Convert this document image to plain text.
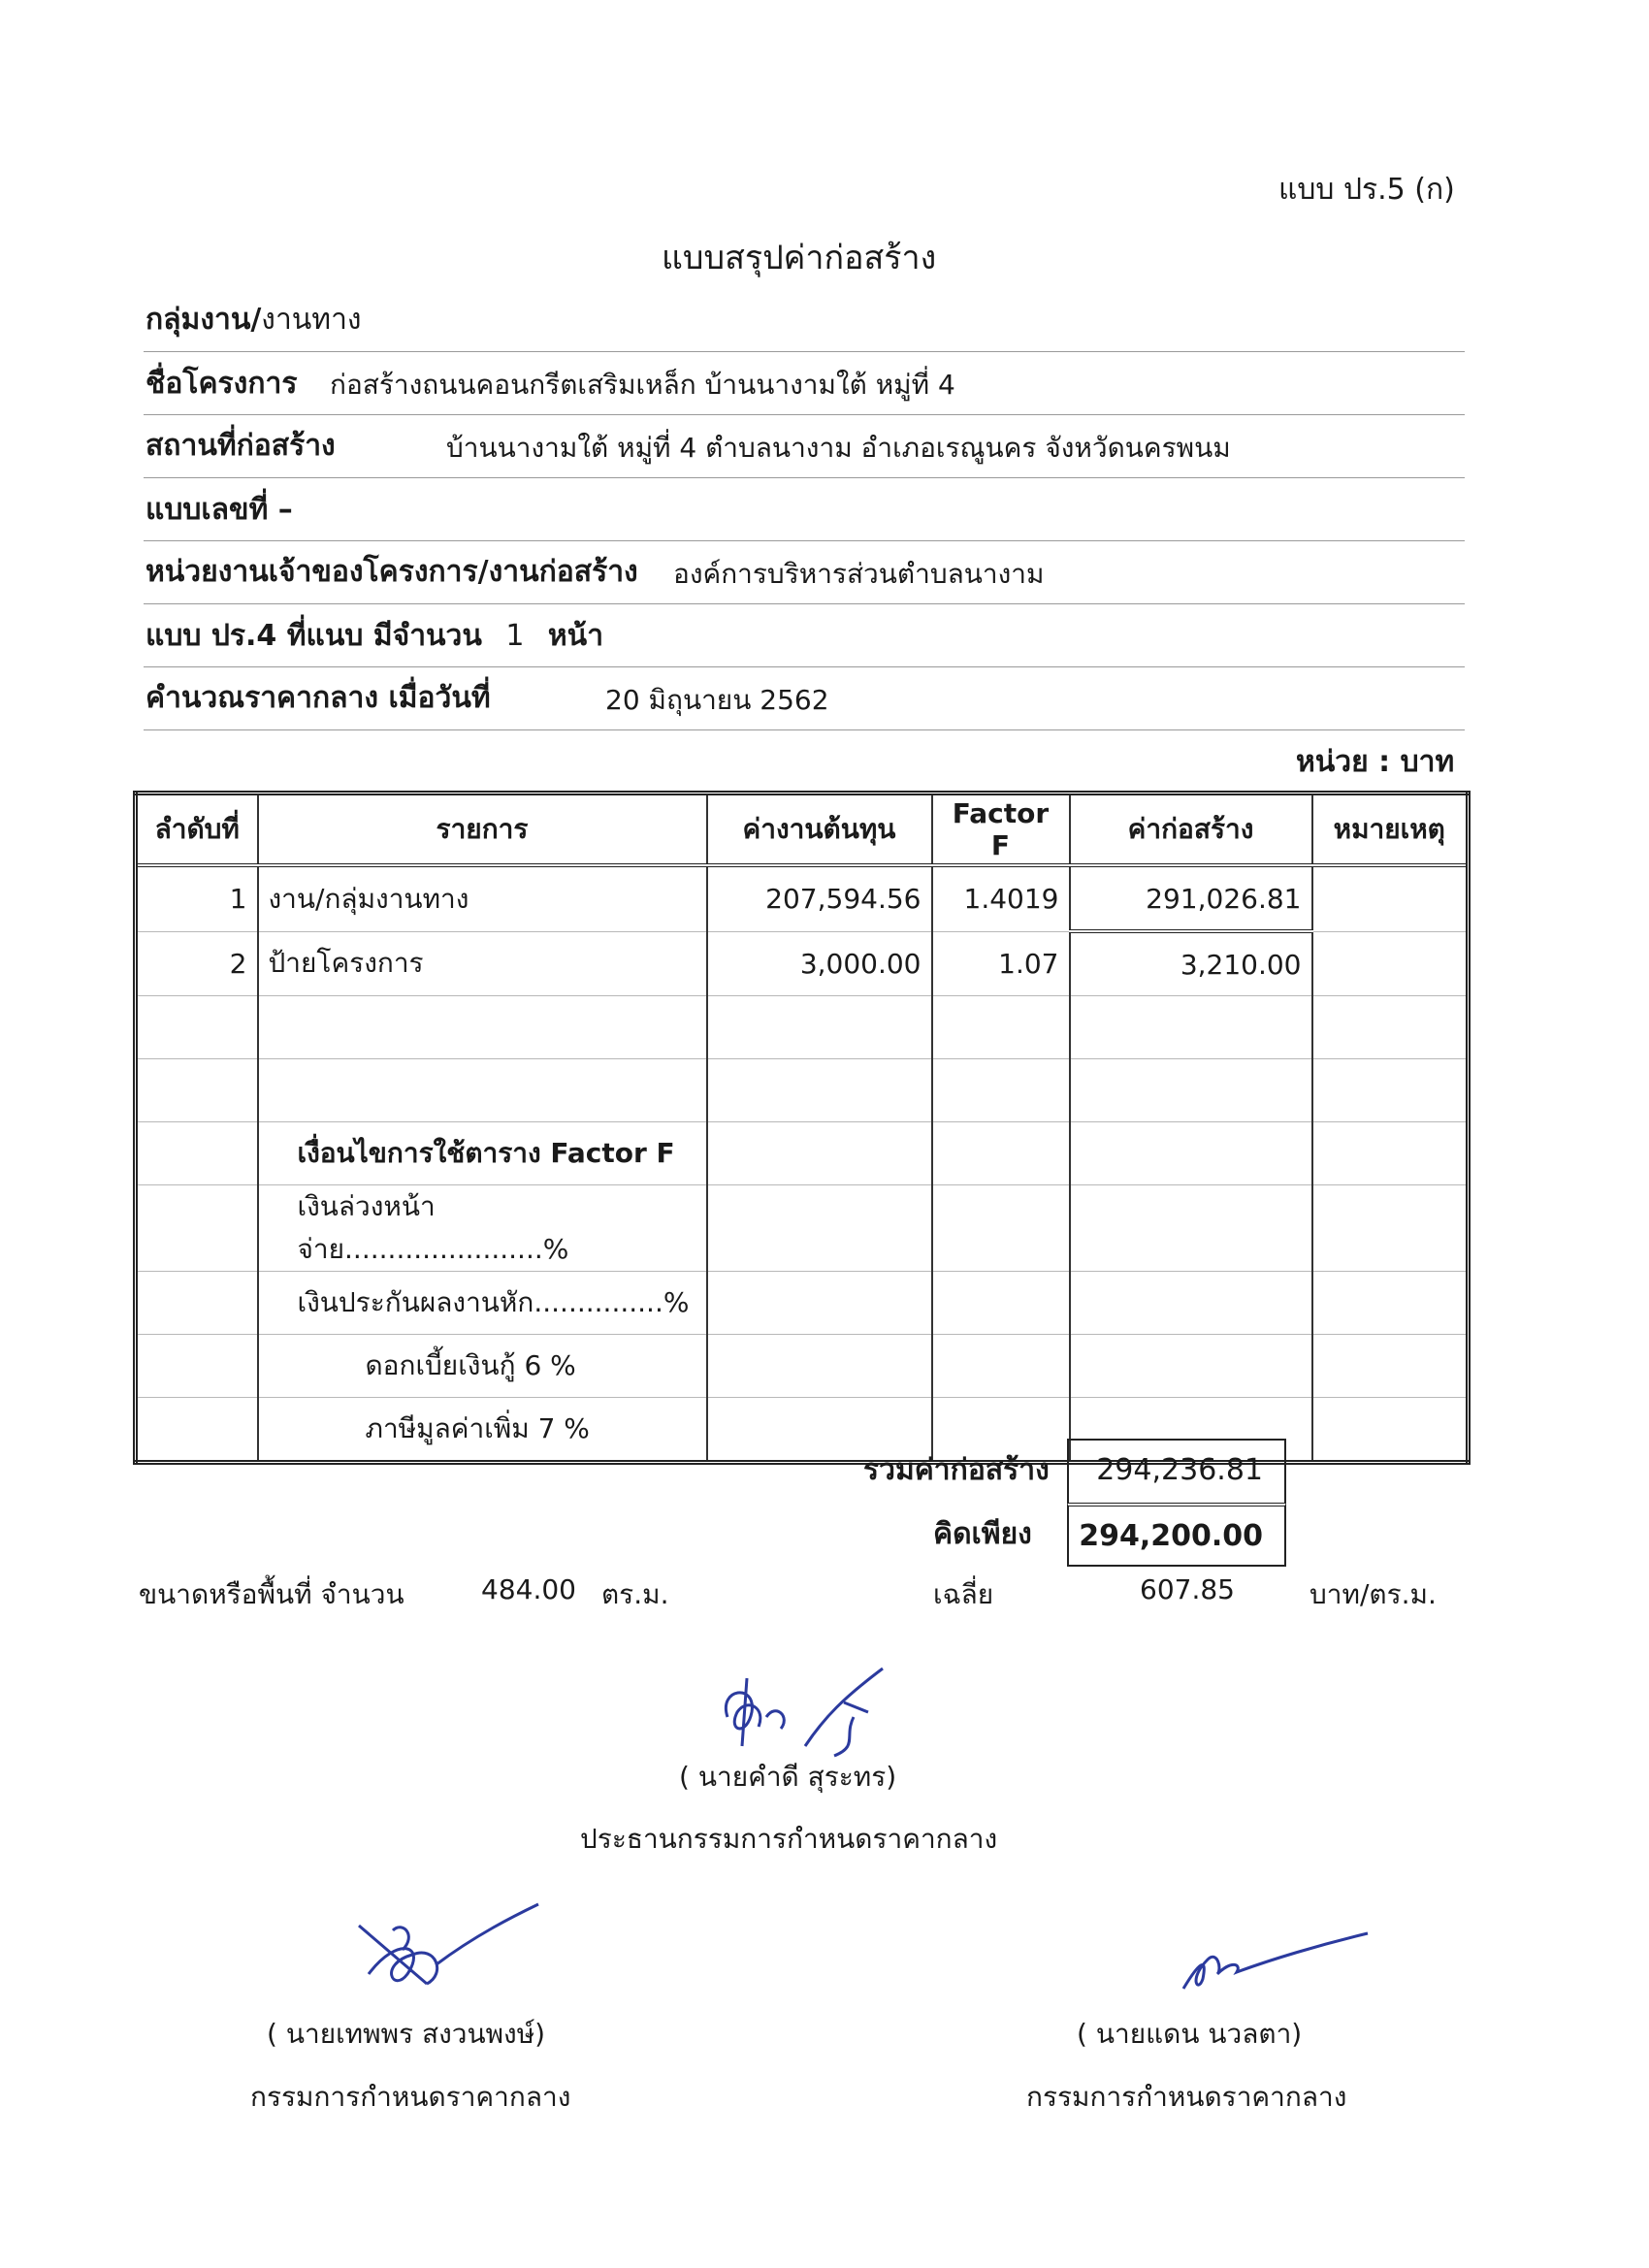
แบบ ปร.5 (ก)
แบบสรุปค่าก่อสร้าง
กลุ่มงาน/งานทาง
ชื่อโครงการ ก่อสร้างถนนคอนกรีตเสริมเหล็ก บ้านนางามใต้ หมู่ที่ 4
สถานที่ก่อสร้าง	บ้านนางามใต้ หมู่ที่ 4 ตำบลนางาม อำเภอเรณูนคร จังหวัดนครพนม
แบบเลขที่ –
หน่วยงานเจ้าของโครงการ/งานก่อสร้าง องค์การบริหารส่วนตำบลนางาม
แบบ ปร.4 ที่แนบ มีจำนวน 1 หน้า
คำนวณราคากลาง เมื่อวันที่	20 มิถุนายน 2562
หน่วย : บาท
ลำดับที่	รายการ	ค่างานต้นทุน	Factor F	ค่าก่อสร้าง	หมายเหตุ
1	งาน/กลุ่มงานทาง	207,594.56	1.4019	291,026.81	
2	ป้ายโครงการ	3,000.00	1.07	3,210.00	

	เงื่อนไขการใช้ตาราง Factor F				
	เงินล่วงหน้าจ่าย.......................%				
	เงินประกันผลงานหัก...............%				
	ดอกเบี้ยเงินกู้ 6 %				
	ภาษีมูลค่าเพิ่ม 7 %				
รวมค่าก่อสร้าง	294,236.81
คิดเพียง	294,200.00
ขนาดหรือพื้นที่ จำนวน	484.00 ตร.ม.	เฉลี่ย	607.85	บาท/ตร.ม.
( นายคำดี สุระทร)
ประธานกรรมการกำหนดราคากลาง
( นายเทพพร สงวนพงษ์)
กรรมการกำหนดราคากลาง
( นายแดน นวลตา)
กรรมการกำหนดราคากลาง
